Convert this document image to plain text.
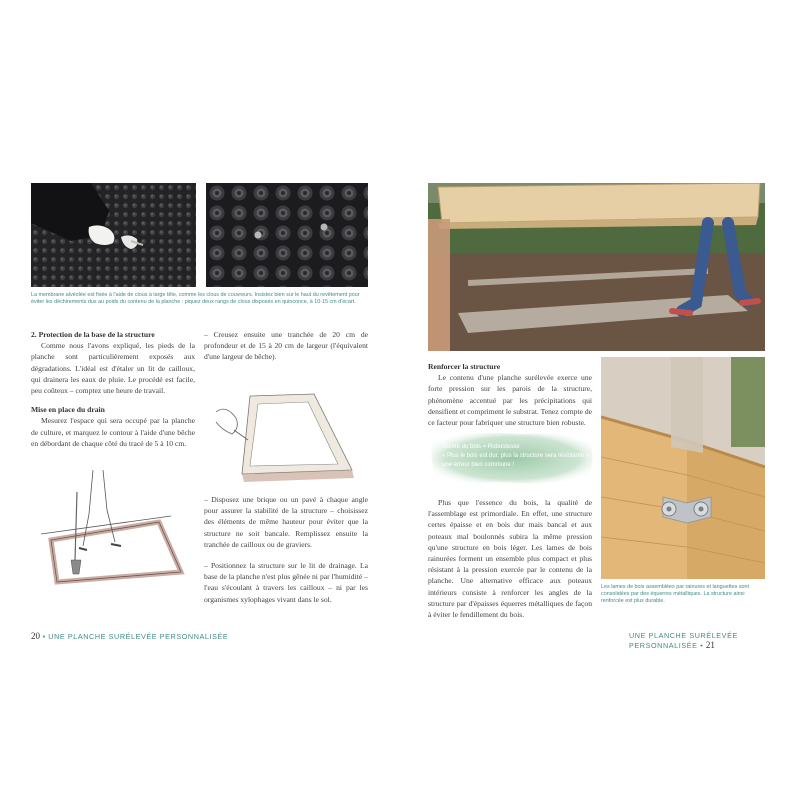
La membrane alvéolée est fixée à l'aide de clous à large tête, comme les clous de couvreurs. Insistez bien sur le haut du revêtement pour éviter les déchirements dus au poids du contenu de la planche : piquez deux rangs de clous disposés en quinconce, à 10-15 cm d'écart.

2. Protection de la base de la structure

Comme nous l'avons expliqué, les pieds de la planche sont particulièrement exposés aux dégradations. L'idéal est d'étaler un lit de cailloux, qui drainera les eaux de pluie. Le procédé est facile, peu coûteux – comptez une heure de travail.

Mise en place du drain

Mesurez l'espace qui sera occupé par la planche de culture, et marquez le contour à l'aide d'une bêche en débordant de chaque côté du tracé de 5 à 10 cm.

– Creusez ensuite une tranchée de 20 cm de profondeur et de 15 à 20 cm de largeur (l'équivalent d'une largeur de bêche).

– Disposez une brique ou un pavé à chaque angle pour assurer la stabilité de la structure – choisissez des éléments de même hauteur pour éviter que la structure ne soit bancale. Remplissez ensuite la tranchée de cailloux ou de graviers.

– Positionnez la structure sur le lit de drainage. La base de la planche n'est plus gênée ni par l'humidité – l'eau s'écoulant à travers les cailloux – ni par les organismes xylophages vivant dans le sol.

20 • UNE PLANCHE SURÉLEVÉE PERSONNALISÉE

Renforcer la structure

Le contenu d'une planche surélevée exerce une forte pression sur les parois de la structure, phénomène accentué par les précipitations qui densifient et compriment le substrat. Tenez compte de ce facteur pour fabriquer une structure bien robuste.

Dureté du bois = Robustesse
« Plus le bois est dur, plus la structure sera résistante » une erreur bien commune !

Plus que l'essence du bois, la qualité de l'assemblage est primordiale. En effet, une structure certes épaisse et en bois dur mais bancal et aux poteaux mal boulonnés subira la même pression qu'une structure en bois léger. Les lames de bois rainurées forment un ensemble plus compact et plus résistant à la pression exercée par le contenu de la planche. Une alternative efficace aux poteaux intérieurs consiste à renforcer les angles de la structure par d'épaisses équerres métalliques de façon à éviter le fendillement du bois.

Les lames de bois assemblées par rainures et languettes sont consolidées par des équerres métalliques. La structure ainsi renforcée est plus durable.
UNE PLANCHE SURÉLEVÉE PERSONNALISÉE • 21
